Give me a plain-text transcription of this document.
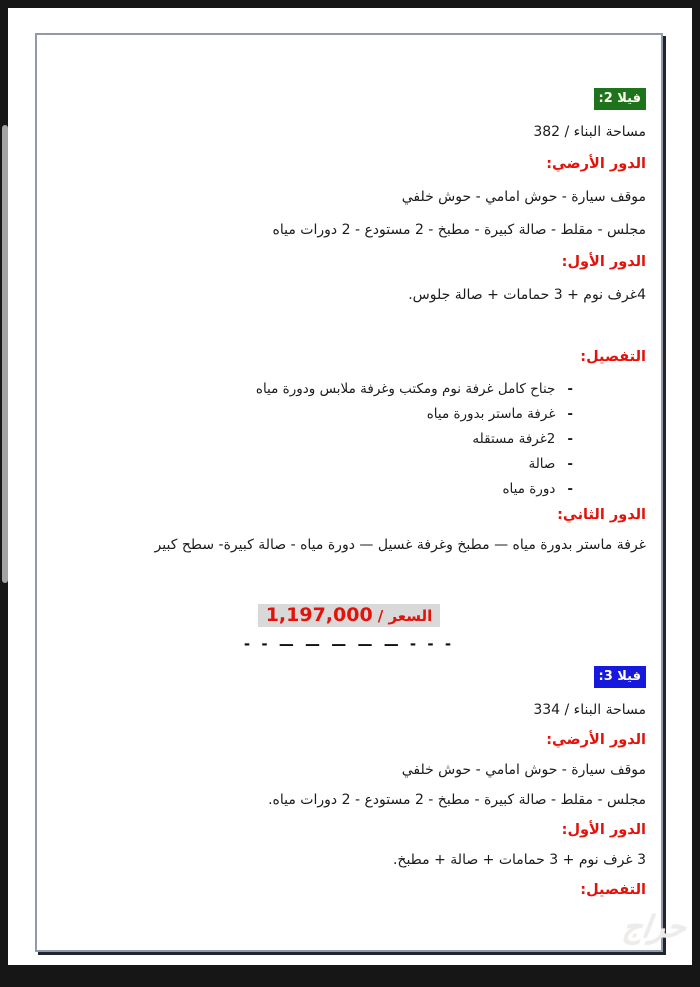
فيلا 2:
مساحة البناء / 382
الدور الأرضي:
موقف سيارة - حوش امامي - حوش خلفي
مجلس - مقلط - صالة كبيرة - مطبخ - 2 مستودع - 2 دورات مياه
الدور الأول:
4غرف نوم + 3 حمامات + صالة جلوس.
التفصيل:
-جناح كامل غرفة نوم ومكتب وغرفة ملابس ودورة مياه
-غرفة ماستر بدورة مياه
-2غرفة مستقله
-صالة
-دورة مياه
الدور الثاني:
غرفة ماستر بدورة مياه — مطبخ وغرفة غسيل — دورة مياه - صالة كبيرة- سطح كبير
السعر / 1,197,000
- - — — — — — - - -
فيلا 3:
مساحة البناء / 334
الدور الأرضي:
موقف سيارة - حوش امامي - حوش خلفي
مجلس - مقلط - صالة كبيرة - مطبخ - 2 مستودع - 2 دورات مياه.
الدور الأول:
3 غرف نوم + 3 حمامات + صالة + مطبخ.
التفصيل:
حراج
